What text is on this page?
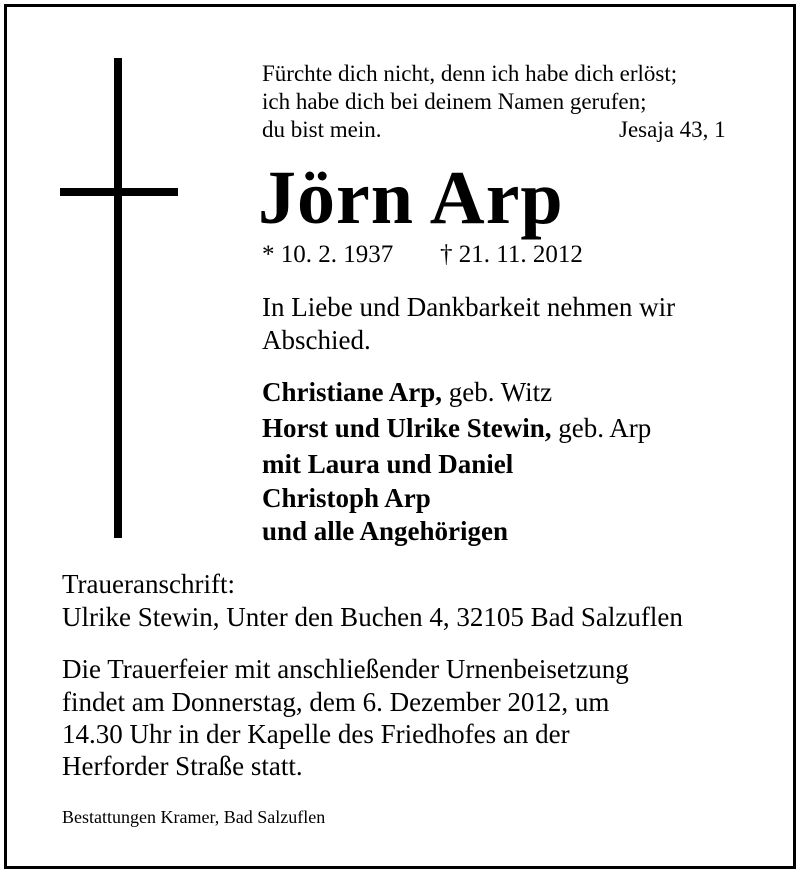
Fürchte dich nicht, denn ich habe dich erlöst;
ich habe dich bei deinem Namen gerufen;
du bist mein.	Jesaja 43, 1
Jörn Arp
* 10. 2. 1937 † 21. 11. 2012
In Liebe und Dankbarkeit nehmen wir
Abschied.
Christiane Arp, geb. Witz
Horst und Ulrike Stewin, geb. Arp
mit Laura und Daniel
Christoph Arp
und alle Angehörigen
Traueranschrift:
Ulrike Stewin, Unter den Buchen 4, 32105 Bad Salzuflen
Die Trauerfeier mit anschließender Urnenbeisetzung
findet am Donnerstag, dem 6. Dezember 2012, um
14.30 Uhr in der Kapelle des Friedhofes an der
Herforder Straße statt.
Bestattungen Kramer, Bad Salzuflen
